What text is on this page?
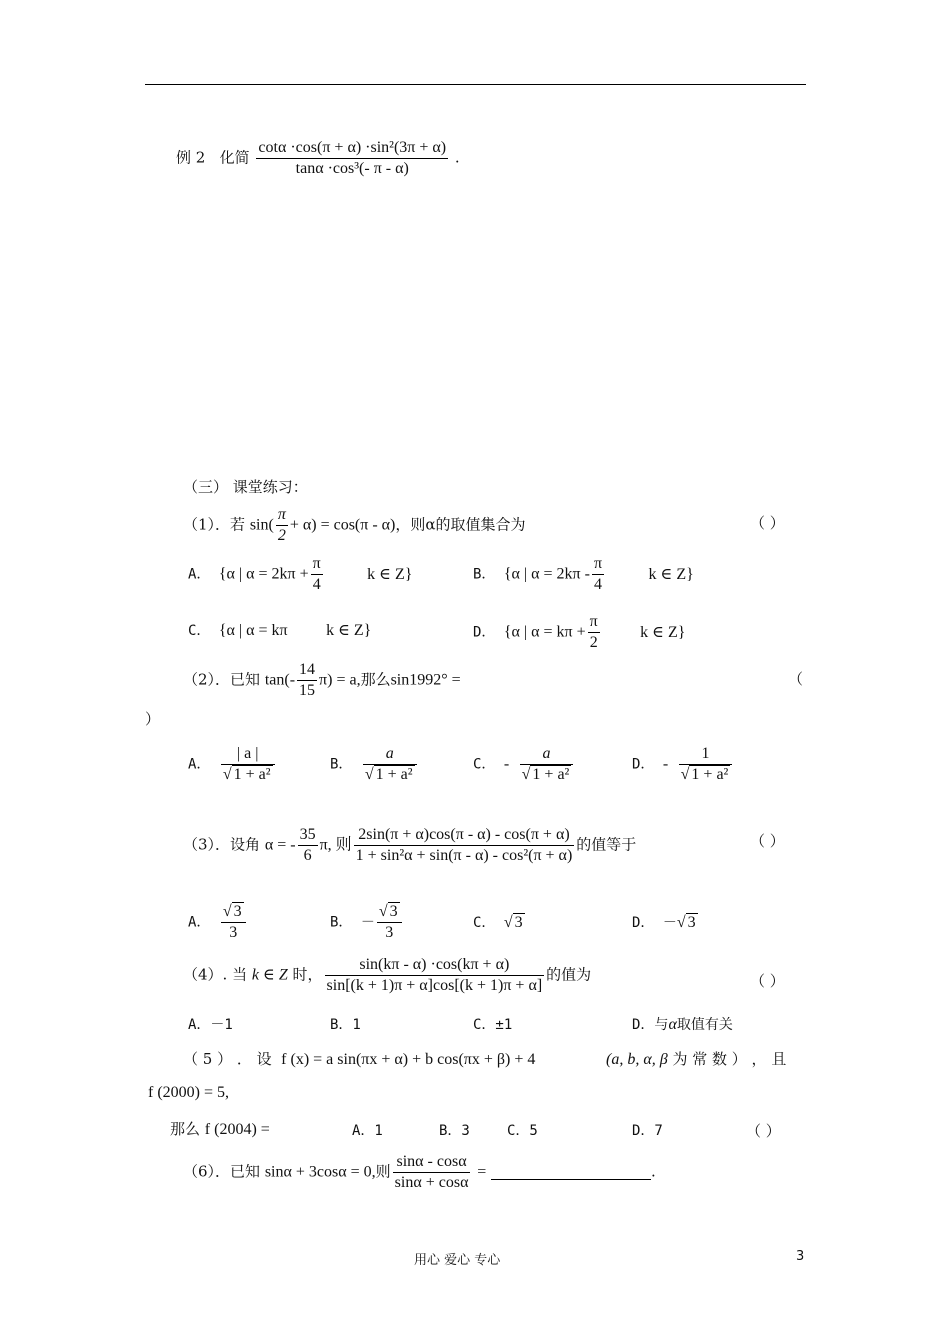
例 2 化简 $\frac{\text{cotα ·cos(π + α) ·sin²(3π + α)}}{\text{tanα ·cos³(- π - α)}}$ .
（三） 课堂练习：
（1）．若 $\sin( \frac{\pi}{2} + \alpha) = \cos(\pi - \alpha)$，则α的取值集合为	（ ）
A． {α | $\alpha = 2k\pi + \frac{\pi}{4}$	k ∈ Z}	B． {α | $\alpha = 2k\pi - \frac{\pi}{4}$	k ∈ Z}
C． {α | α = kπ k ∈ Z}	D． {α | $\alpha = k\pi + \frac{\pi}{2}$	k ∈ Z}
（2）．已知 $\tan(- \frac{14}{15} \pi) = a$,那么sin1992° =	（
）
A． $\frac{| a |}{\text{√ 1 + a²}}$	B． $\frac{a}{\text{√ 1 + a²}}$	C． - $\frac{a}{\text{√ 1 + a²}}$	D． - $\frac{1}{\text{√ 1 + a²}}$
（3）．设角 α = - $\frac{35}{6} \pi$, 则 $\frac{2\sin(\pi + \alpha)\cos(\pi - \alpha) - \cos(\pi + \alpha)}{\text{1 + sin²α + sin(π - α) - cos²(π + α)}}$ 的值等于	（ ）
A． $\frac{√ 3}{3}$	B． － $\frac{√ 3}{3}$	C． √ 3	D． －√ 3
（4）. 当 k ∈ Z 时， $\frac{\sin(k\pi - \alpha) \cdot\cos(k\pi + \alpha)}{\sin[(k + 1)\pi + \alpha]\cos[(k + 1)\pi + \alpha]}$ 的值为	（ ）
A．－1	B．1	C．±1	D．与α取值有关
（ 5 ） ． 设 f (x) = a sin(πx + α) + b cos(πx + β) + 4	(a, b, α, β 为 常 数 ） ， 且
f (2000) = 5,
那么 f (2004) =	A．1	B．3	C．5	D．7	（ ）
（6）．已知 sinα + 3cosα = 0,则 $\frac{\sin\alpha - \cos\alpha}{\sin\alpha + \cos\alpha}$ =	.
用心 爱心 专心	3
